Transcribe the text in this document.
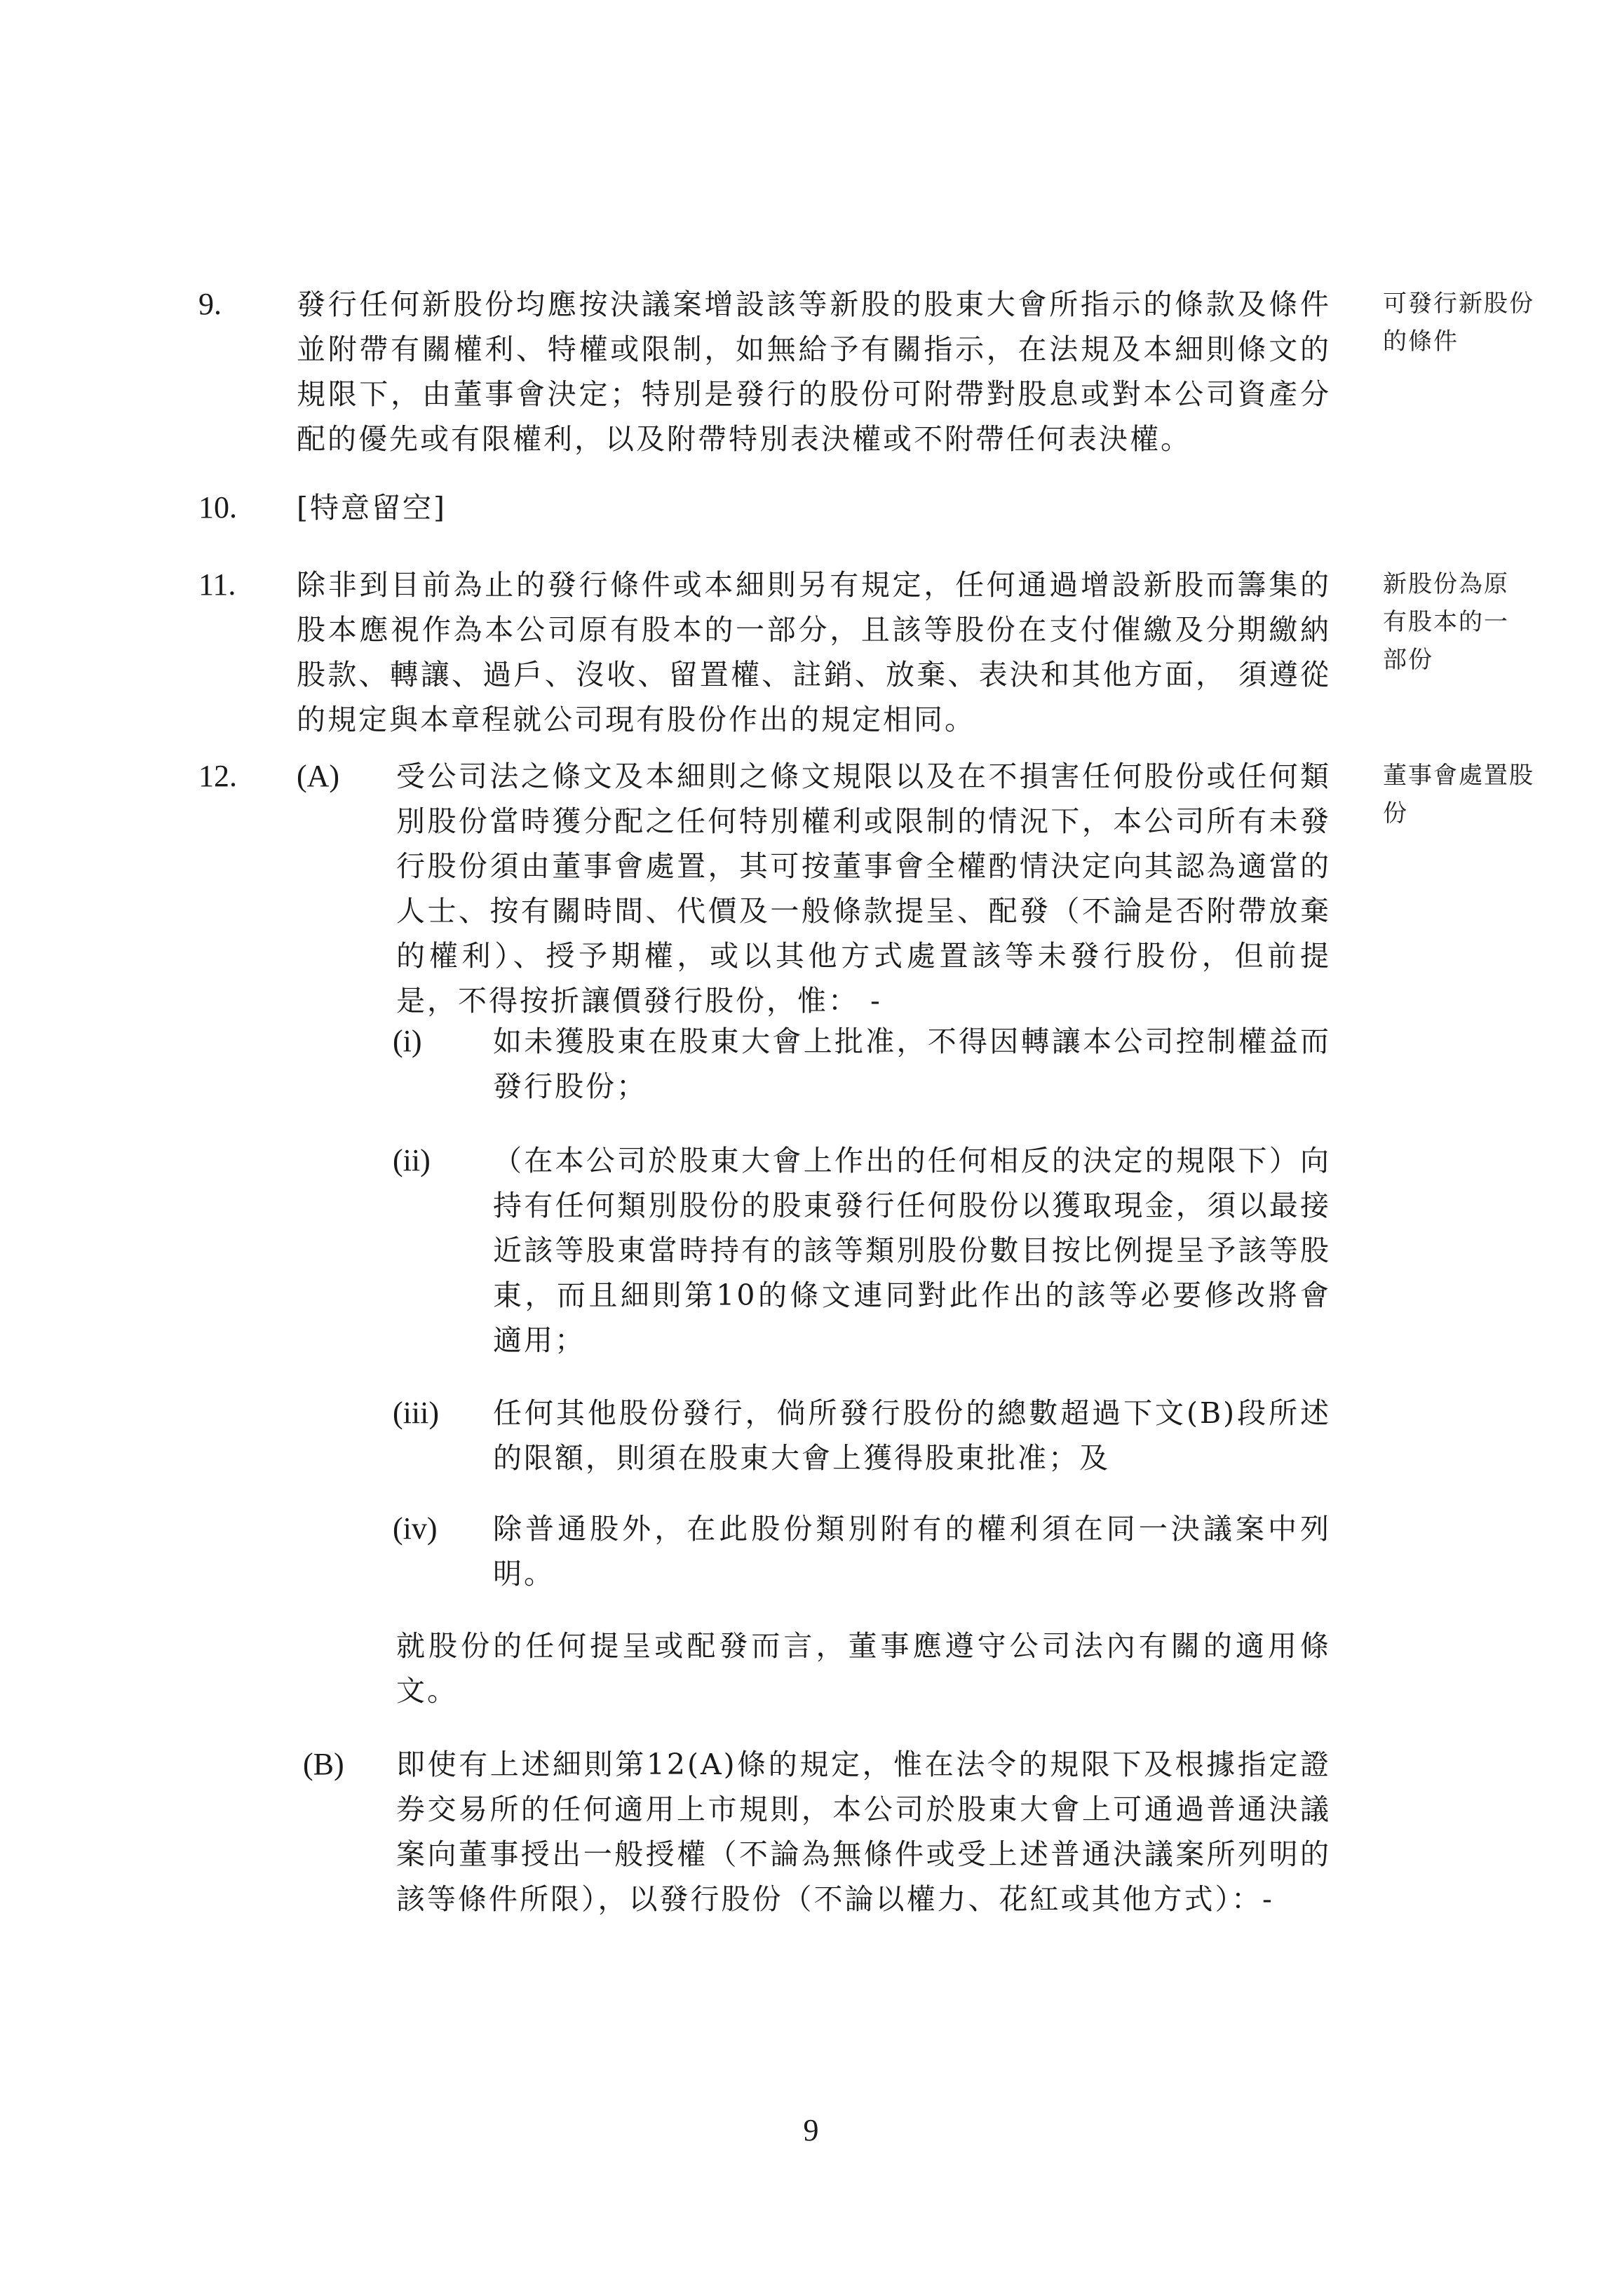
9.	發行任何新股份均應按決議案增設該等新股的股東大會所指示的條款及條件並附帶有關權利、特權或限制，如無給予有關指示，在法規及本細則條文的規限下，由董事會決定；特別是發行的股份可附帶對股息或對本公司資產分配的優先或有限權利，以及附帶特別表決權或不附帶任何表決權。
可發行新股份 的條件
10. [特意留空]
11. 除非到目前為止的發行條件或本細則另有規定，任何通過增設新股而籌集的股本應視作為本公司原有股本的一部分，且該等股份在支付催繳及分期繳納股款、轉讓、過戶、沒收、留置權、註銷、放棄、表決和其他方面， 須遵從的規定與本章程就公司現有股份作出的規定相同。
新股份為原有股本的一部份
12. (A) 受公司法之條文及本細則之條文規限以及在不損害任何股份或任何類別股份當時獲分配之任何特別權利或限制的情況下，本公司所有未發行股份須由董事會處置，其可按董事會全權酌情決定向其認為適當的人士、按有關時間、代價及一般條款提呈、配發（不論是否附帶放棄的權利）、授予期權，或以其他方式處置該等未發行股份，但前提是，不得按折讓價發行股份，惟： -
董事會處置股份
(i) 如未獲股東在股東大會上批准，不得因轉讓本公司控制權益而發行股份；
(ii) （在本公司於股東大會上作出的任何相反的決定的規限下）向持有任何類別股份的股東發行任何股份以獲取現金，須以最接近該等股東當時持有的該等類別股份數目按比例提呈予該等股東，而且細則第10的條文連同對此作出的該等必要修改將會適用；
(iii) 任何其他股份發行，倘所發行股份的總數超過下文(B)段所述的限額，則須在股東大會上獲得股東批准；及
(iv) 除普通股外，在此股份類別附有的權利須在同一決議案中列明。
就股份的任何提呈或配發而言，董事應遵守公司法內有關的適用條文。
(B) 即使有上述細則第12(A)條的規定，惟在法令的規限下及根據指定證券交易所的任何適用上市規則，本公司於股東大會上可通過普通決議案向董事授出一般授權（不論為無條件或受上述普通決議案所列明的該等條件所限），以發行股份（不論以權力、花紅或其他方式）：-
9
